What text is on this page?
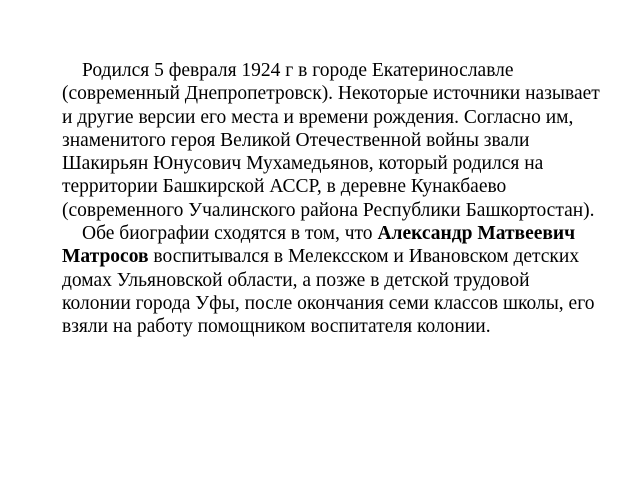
Родился 5 февраля 1924 г в городе Екатеринославле (современный Днепропетровск). Некоторые источники называет и другие версии его места и времени рождения. Согласно им, знаменитого героя Великой Отечественной войны звали Шакирьян Юнусович Мухамедьянов, который родился на территории Башкирской АССР, в деревне Кунакбаево (современного Учалинского района Республики Башкортостан).

Обе биографии сходятся в том, что Александр Матвеевич Матросов воспитывался в Мелексском и Ивановском детских домах Ульяновской области, а позже в детской трудовой колонии города Уфы, после окончания семи классов школы, его взяли на работу помощником воспитателя колонии.
